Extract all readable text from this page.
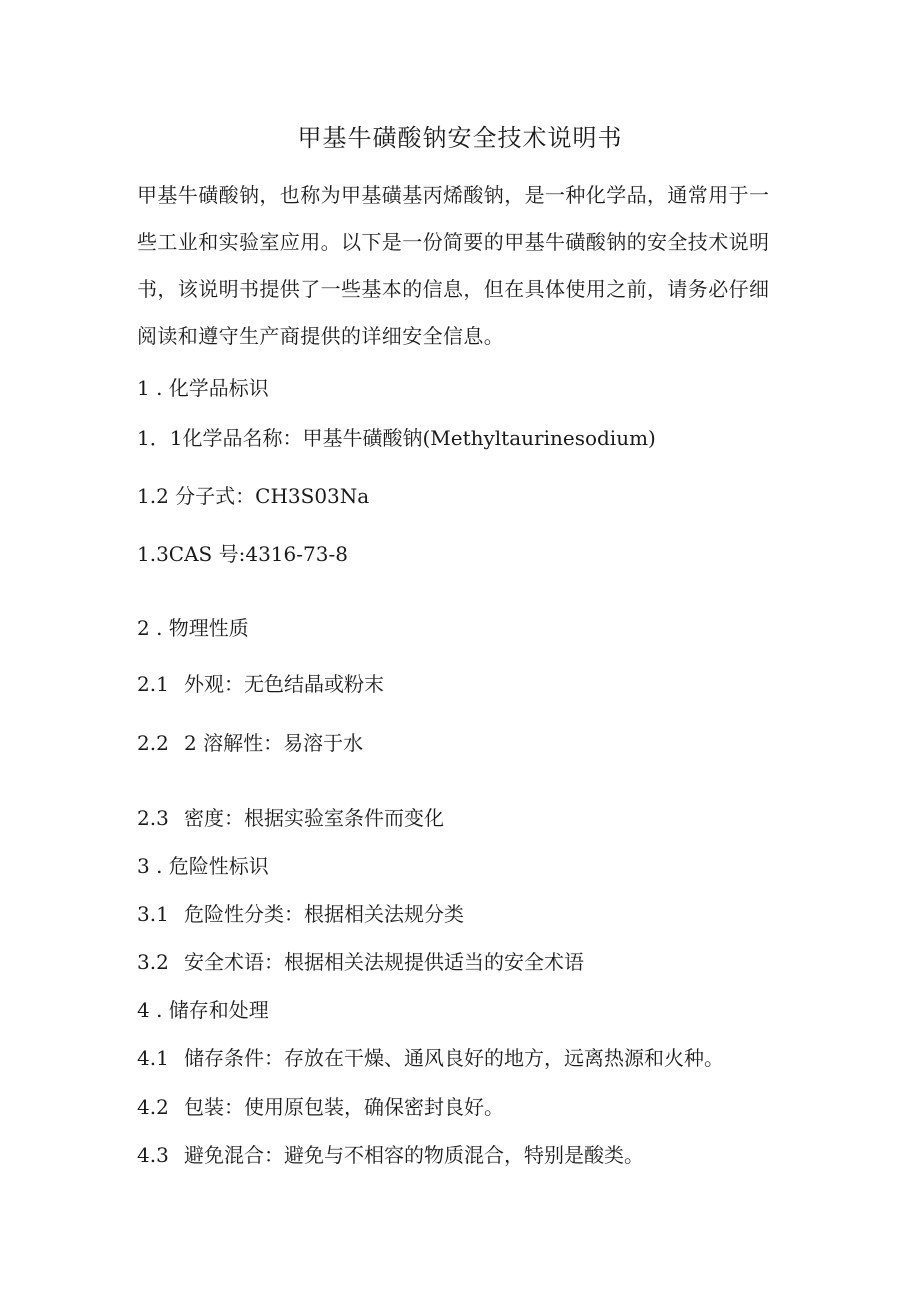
甲基牛磺酸钠安全技术说明书

甲基牛磺酸钠，也称为甲基磺基丙烯酸钠，是一种化学品，通常用于一些工业和实验室应用。以下是一份简要的甲基牛磺酸钠的安全技术说明书，该说明书提供了一些基本的信息，但在具体使用之前，请务必仔细阅读和遵守生产商提供的详细安全信息。

1 . 化学品标识
1．1化学品名称：甲基牛磺酸钠(Methyltaurinesodium)
1.2 分子式：CH3S03Na
1.3CAS 号:4316-73-8
2 . 物理性质
2.1 外观：无色结晶或粉末
2.2 2 溶解性：易溶于水
2.3 密度：根据实验室条件而变化
3 . 危险性标识
3.1 危险性分类：根据相关法规分类
3.2 安全术语：根据相关法规提供适当的安全术语
4 . 储存和处理
4.1 储存条件：存放在干燥、通风良好的地方，远离热源和火种。
4.2 包装：使用原包装，确保密封良好。
4.3 避免混合：避免与不相容的物质混合，特别是酸类。
